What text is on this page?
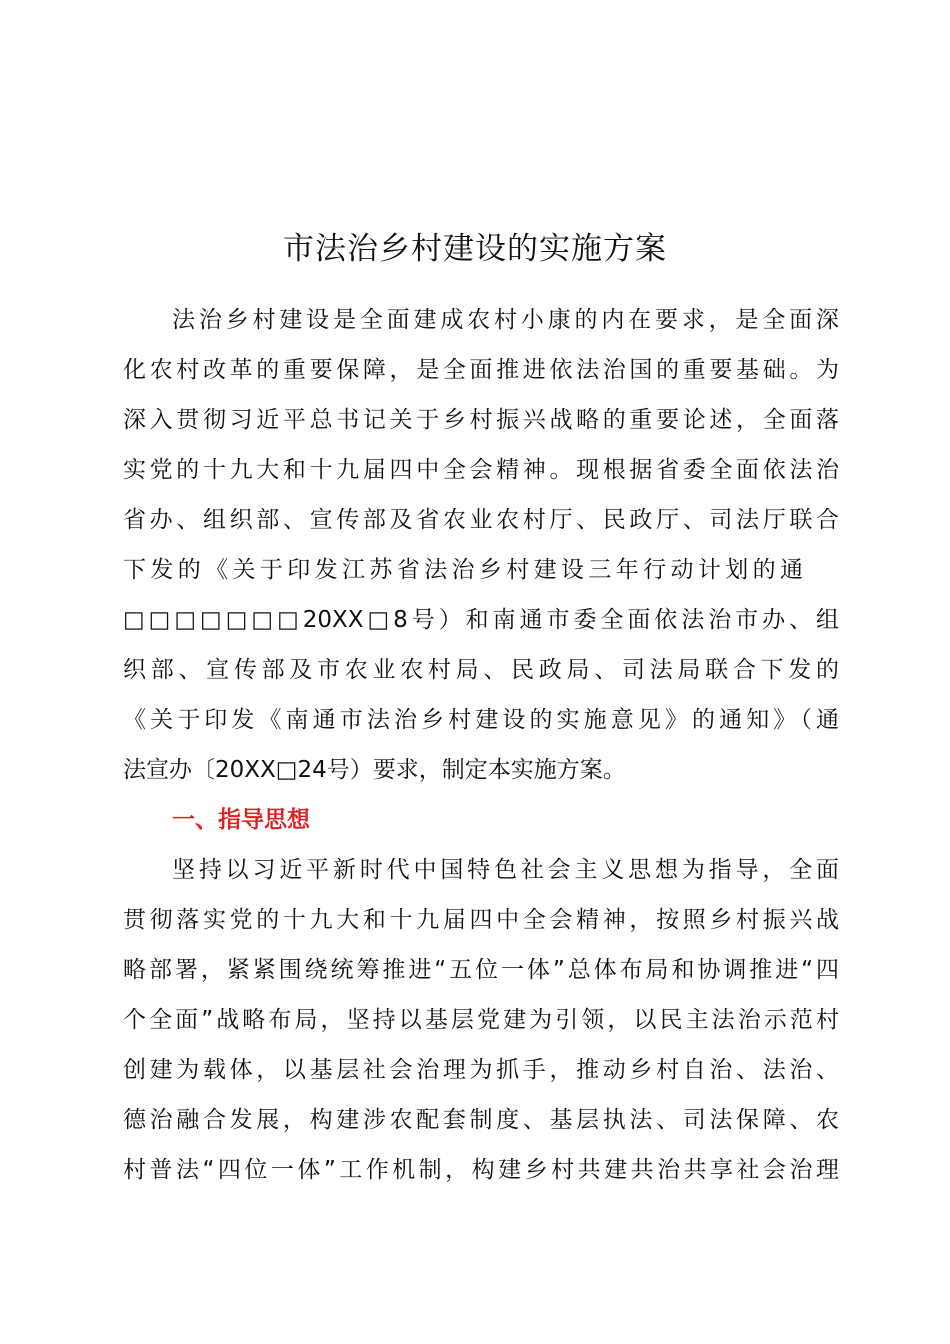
市法治乡村建设的实施方案

法治乡村建设是全面建成农村小康的内在要求，是全面深

化农村改革的重要保障，是全面推进依法治国的重要基础。为

深入贯彻习近平总书记关于乡村振兴战略的重要论述，全面落

实党的十九大和十九届四中全会精神。现根据省委全面依法治

省办、组织部、宣传部及省农业农村厅、民政厅、司法厅联合

下发的《关于印发江苏省法治乡村建设三年行动计划的通

□□□□□□□20XX□8号）和南通市委全面依法治市办、组

织部、宣传部及市农业农村局、民政局、司法局联合下发的

《关于印发《南通市法治乡村建设的实施意见》的通知》（通

法宣办〔20XX□24号）要求，制定本实施方案。

一、指导思想

坚持以习近平新时代中国特色社会主义思想为指导，全面

贯彻落实党的十九大和十九届四中全会精神，按照乡村振兴战

略部署，紧紧围绕统筹推进“五位一体”总体布局和协调推进“四

个全面”战略布局，坚持以基层党建为引领，以民主法治示范村

创建为载体，以基层社会治理为抓手，推动乡村自治、法治、

德治融合发展，构建涉农配套制度、基层执法、司法保障、农

村普法“四位一体”工作机制，构建乡村共建共治共享社会治理
